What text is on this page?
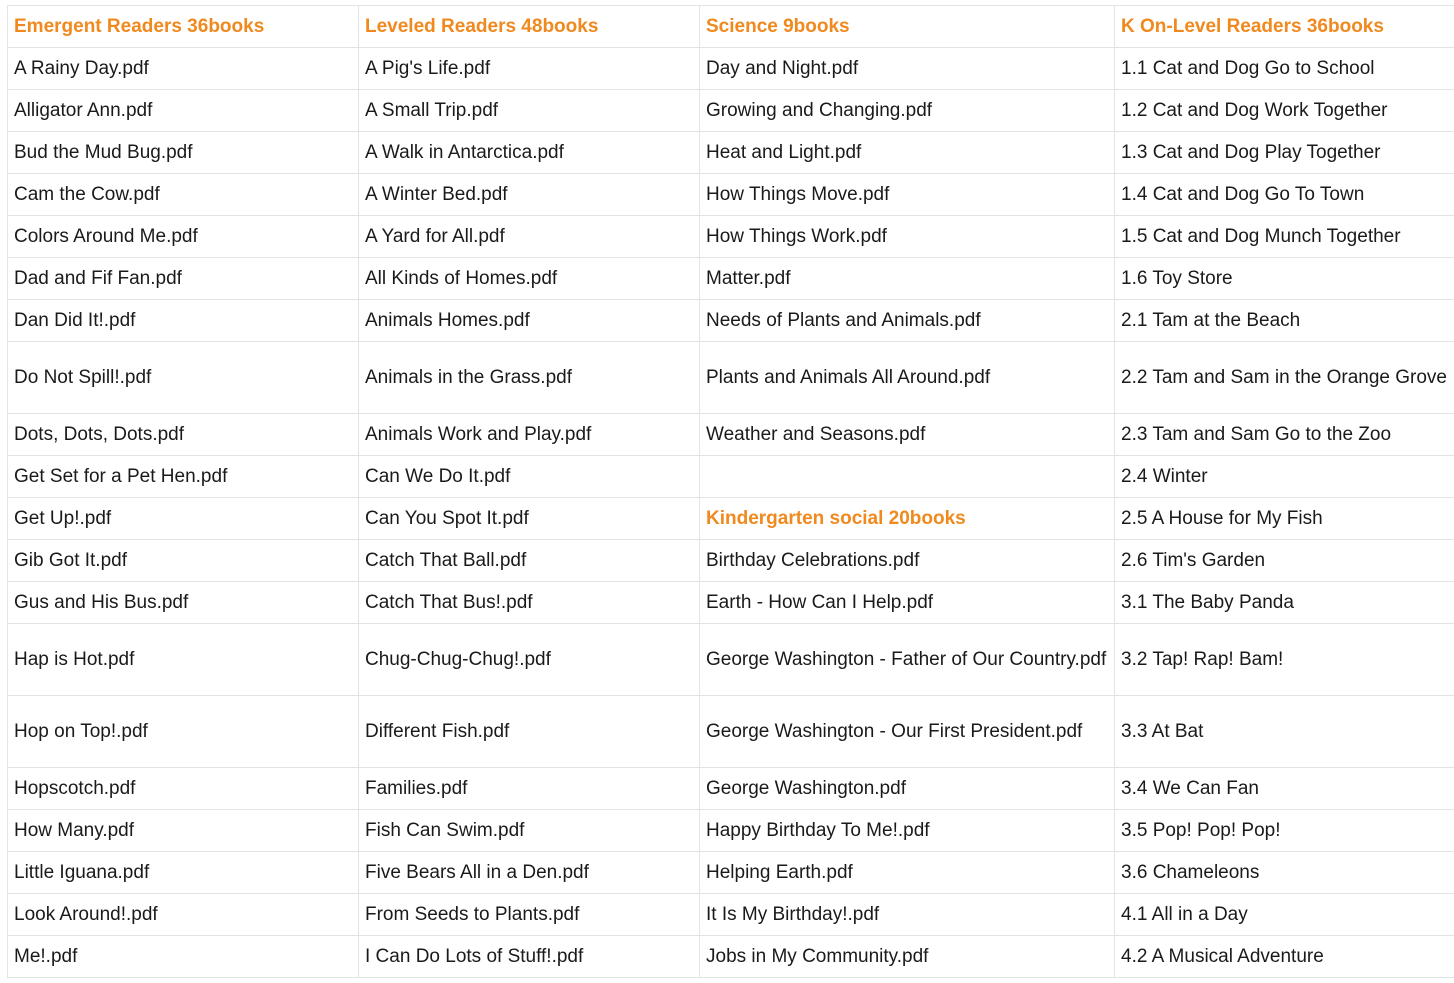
Emergent Readers 36books	Leveled Readers 48books	Science 9books	K On-Level Readers 36books
A Rainy Day.pdf	A Pig's Life.pdf	Day and Night.pdf	1.1 Cat and Dog Go to School
Alligator Ann.pdf	A Small Trip.pdf	Growing and Changing.pdf	1.2 Cat and Dog Work Together
Bud the Mud Bug.pdf	A Walk in Antarctica.pdf	Heat and Light.pdf	1.3 Cat and Dog Play Together
Cam the Cow.pdf	A Winter Bed.pdf	How Things Move.pdf	1.4 Cat and Dog Go To Town
Colors Around Me.pdf	A Yard for All.pdf	How Things Work.pdf	1.5 Cat and Dog Munch Together
Dad and Fif Fan.pdf	All Kinds of Homes.pdf	Matter.pdf	1.6 Toy Store
Dan Did It!.pdf	Animals Homes.pdf	Needs of Plants and Animals.pdf	2.1 Tam at the Beach
Do Not Spill!.pdf	Animals in the Grass.pdf	Plants and Animals All Around.pdf	2.2 Tam and Sam in the Orange Grove
Dots, Dots, Dots.pdf	Animals Work and Play.pdf	Weather and Seasons.pdf	2.3 Tam and Sam Go to the Zoo
Get Set for a Pet Hen.pdf	Can We Do It.pdf		2.4 Winter
Get Up!.pdf	Can You Spot It.pdf	Kindergarten social 20books	2.5 A House for My Fish
Gib Got It.pdf	Catch That Ball.pdf	Birthday Celebrations.pdf	2.6 Tim's Garden
Gus and His Bus.pdf	Catch That Bus!.pdf	Earth - How Can I Help.pdf	3.1 The Baby Panda
Hap is Hot.pdf	Chug-Chug-Chug!.pdf	George Washington - Father of Our Country.pdf	3.2 Tap! Rap! Bam!
Hop on Top!.pdf	Different Fish.pdf	George Washington - Our First President.pdf	3.3 At Bat
Hopscotch.pdf	Families.pdf	George Washington.pdf	3.4 We Can Fan
How Many.pdf	Fish Can Swim.pdf	Happy Birthday To Me!.pdf	3.5 Pop! Pop! Pop!
Little Iguana.pdf	Five Bears All in a Den.pdf	Helping Earth.pdf	3.6 Chameleons
Look Around!.pdf	From Seeds to Plants.pdf	It Is My Birthday!.pdf	4.1 All in a Day
Me!.pdf	I Can Do Lots of Stuff!.pdf	Jobs in My Community.pdf	4.2 A Musical Adventure
